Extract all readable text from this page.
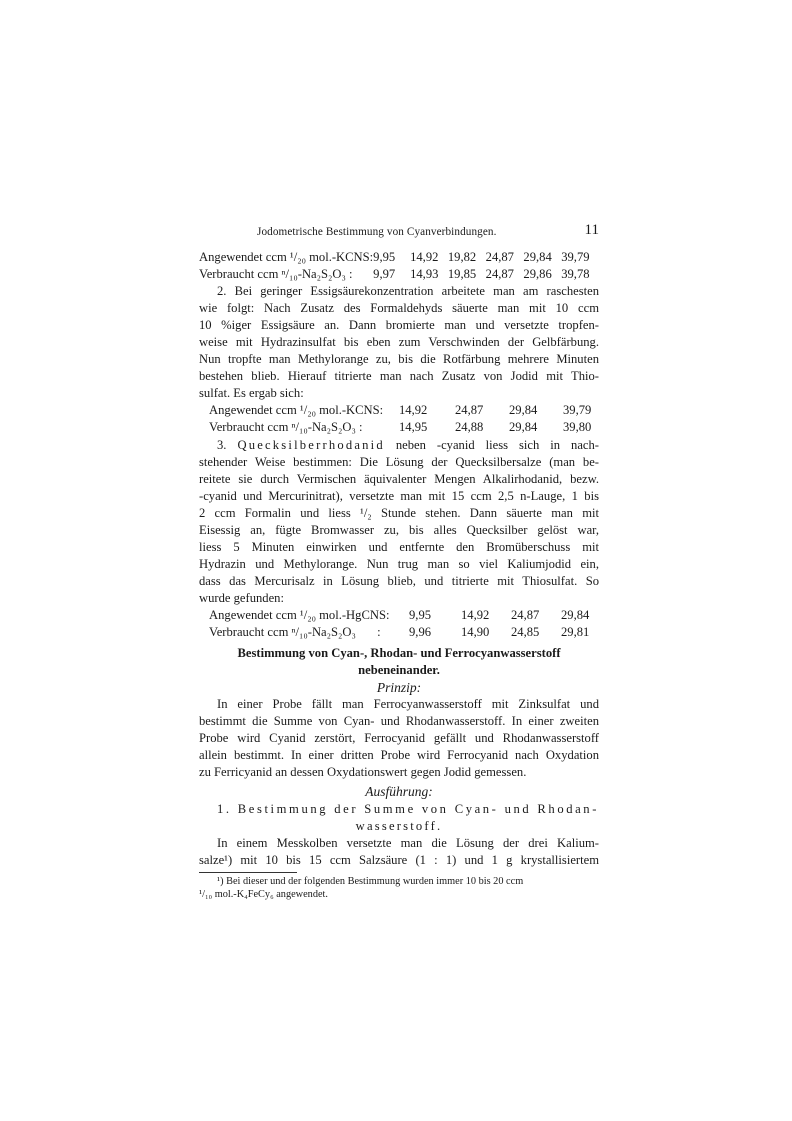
Jodometrische Bestimmung von Cyanverbindungen.	11
Angewendet ccm ¹/₂₀ mol.-KCNS:	9,95	14,92	19,82	24,87	29,84	39,79
Verbraucht ccm ⁿ/₁₀-Na₂S₂O₃ :	9,97	14,93	19,85	24,87	29,86	39,78
2. Bei geringer Essigsäurekonzentration arbeitete man am raschesten
wie folgt: Nach Zusatz des Formaldehyds säuerte man mit 10 ccm
10 %iger Essigsäure an. Dann bromierte man und versetzte tropfen-
weise mit Hydrazinsulfat bis eben zum Verschwinden der Gelbfärbung.
Nun tropfte man Methylorange zu, bis die Rotfärbung mehrere Minuten
bestehen blieb. Hierauf titrierte man nach Zusatz von Jodid mit Thio-
sulfat. Es ergab sich:
Angewendet ccm ¹/₂₀ mol.-KCNS:	14,92	24,87	29,84	39,79
Verbraucht ccm ⁿ/₁₀-Na₂S₂O₃ :	14,95	24,88	29,84	39,80
3. Quecksilberrhodanid neben -cyanid liess sich in nach-
stehender Weise bestimmen: Die Lösung der Quecksilbersalze (man be-
reitete sie durch Vermischen äquivalenter Mengen Alkalirhodanid, bezw.
-cyanid und Mercurinitrat), versetzte man mit 15 ccm 2,5 n-Lauge, 1 bis
2 ccm Formalin und liess ¹/₂ Stunde stehen. Dann säuerte man mit
Eisessig an, fügte Bromwasser zu, bis alles Quecksilber gelöst war,
liess 5 Minuten einwirken und entfernte den Bromüberschuss mit
Hydrazin und Methylorange. Nun trug man so viel Kaliumjodid ein,
dass das Mercurisalz in Lösung blieb, und titrierte mit Thiosulfat. So
wurde gefunden:
Angewendet ccm ¹/₂₀ mol.-HgCNS:	9,95	14,92	24,87	29,84
Verbraucht ccm ⁿ/₁₀-Na₂S₂O₃ :	9,96	14,90	24,85	29,81
Bestimmung von Cyan-, Rhodan- und Ferrocyanwasserstoff
nebeneinander.
Prinzip:
In einer Probe fällt man Ferrocyanwasserstoff mit Zinksulfat und
bestimmt die Summe von Cyan- und Rhodanwasserstoff. In einer zweiten
Probe wird Cyanid zerstört, Ferrocyanid gefällt und Rhodanwasserstoff
allein bestimmt. In einer dritten Probe wird Ferrocyanid nach Oxydation
zu Ferricyanid an dessen Oxydationswert gegen Jodid gemessen.
Ausführung:
1. Bestimmung der Summe von Cyan- und Rhodan-
wasserstoff.
In einem Messkolben versetzte man die Lösung der drei Kalium-
salze¹) mit 10 bis 15 ccm Salzsäure (1 : 1) und 1 g krystallisiertem
¹) Bei dieser und der folgenden Bestimmung wurden immer 10 bis 20 ccm
¹/₁₀ mol.-K₄FeCy₆ angewendet.
